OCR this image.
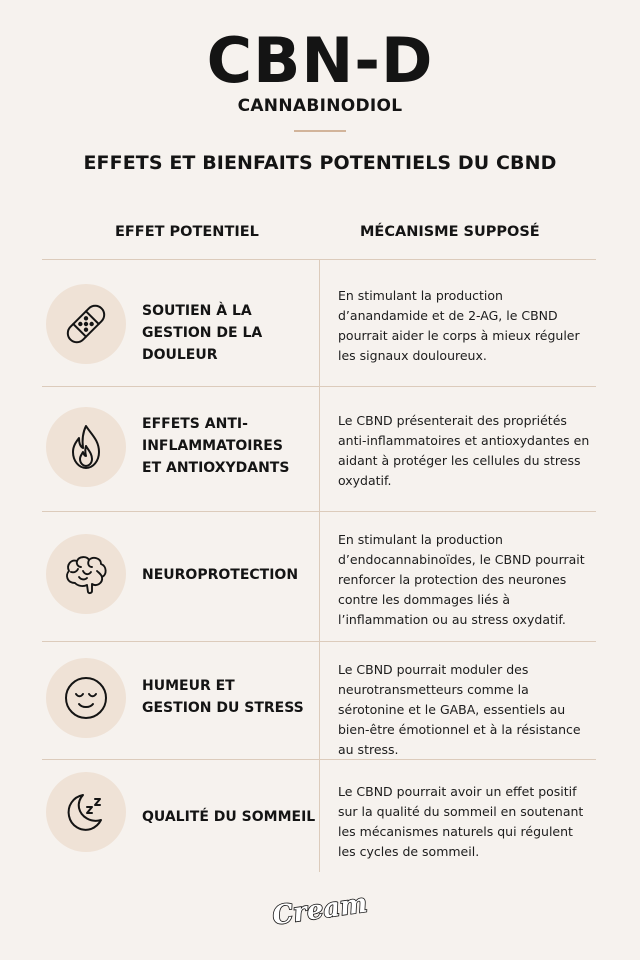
CBN-D
CANNABINODIOL
EFFETS ET BIENFAITS POTENTIELS DU CBND
EFFET POTENTIEL	MÉCANISME SUPPOSÉ
SOUTIEN À LA
GESTION DE LA DOULEUR
En stimulant la production d’anandamide et de 2-AG, le CBND pourrait aider le corps à mieux réguler les signaux douloureux.
EFFETS ANTI-
INFLAMMATOIRES
ET ANTIOXYDANTS
Le CBND présenterait des propriétés anti-inflammatoires et antioxydantes en aidant à protéger les cellules du stress oxydatif.
NEUROPROTECTION
En stimulant la production d’endocannabinoïdes, le CBND pourrait renforcer la protection des neurones contre les dommages liés à l’inflammation ou au stress oxydatif.
HUMEUR ET
GESTION DU STRESS
Le CBND pourrait moduler des neurotransmetteurs comme la sérotonine et le GABA, essentiels au bien-être émotionnel et à la résistance au stress.
QUALITÉ DU SOMMEIL
Le CBND pourrait avoir un effet positif sur la qualité du sommeil en soutenant les mécanismes naturels qui régulent les cycles de sommeil.
Cream
